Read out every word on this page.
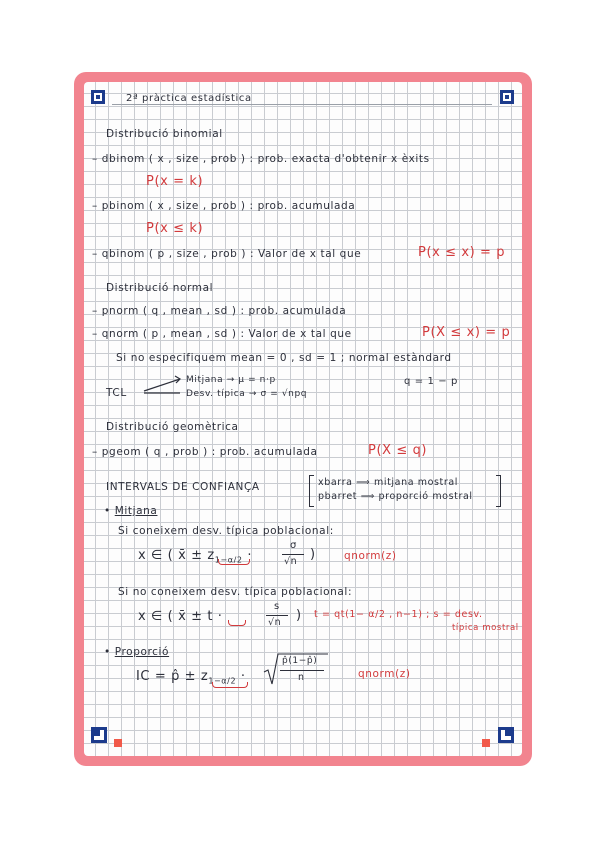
2ª pràctica estadística
Distribució binomial
– dbinom ( x , size , prob ) : prob. exacta d'obtenir x èxits
P(x = k)
– pbinom ( x , size , prob ) : prob. acumulada
P(x ≤ k)
– qbinom ( p , size , prob ) : Valor de x tal que	P(x ≤ x) = p
Distribució normal
– pnorm ( q , mean , sd ) : prob. acumulada
– qnorm ( p , mean , sd ) : Valor de x tal que	P(X ≤ x) = p
Si no especifiquem mean = 0 , sd = 1 ; normal estàndard
TCL
Mitjana → μ = n·p
Desv. típica → σ = √npq
q = 1 − p
Distribució geomètrica
– pgeom ( q , prob ) : prob. acumulada	P(X ≤ q)
INTERVALS DE CONFIANÇA	xbarra ⟹ mitjana mostral
pbarret ⟹ proporció mostral
• Mitjana
Si coneixem desv. típica poblacional:
x ∈ ( x̄ ± $z_{1-\alpha/2}$ ·
σ
√n )	qnorm(z)
Si no coneixem desv. típica poblacional:
x ∈ ( x̄ ± t ·
s
√n ) t = qt(1− α/2 , n−1) ; s = desv.
típica mostral
• Proporció
IC = p̂ ± $z_{1-\alpha/2}$ ·
p̂(1−p̂)
n	qnorm(z)
